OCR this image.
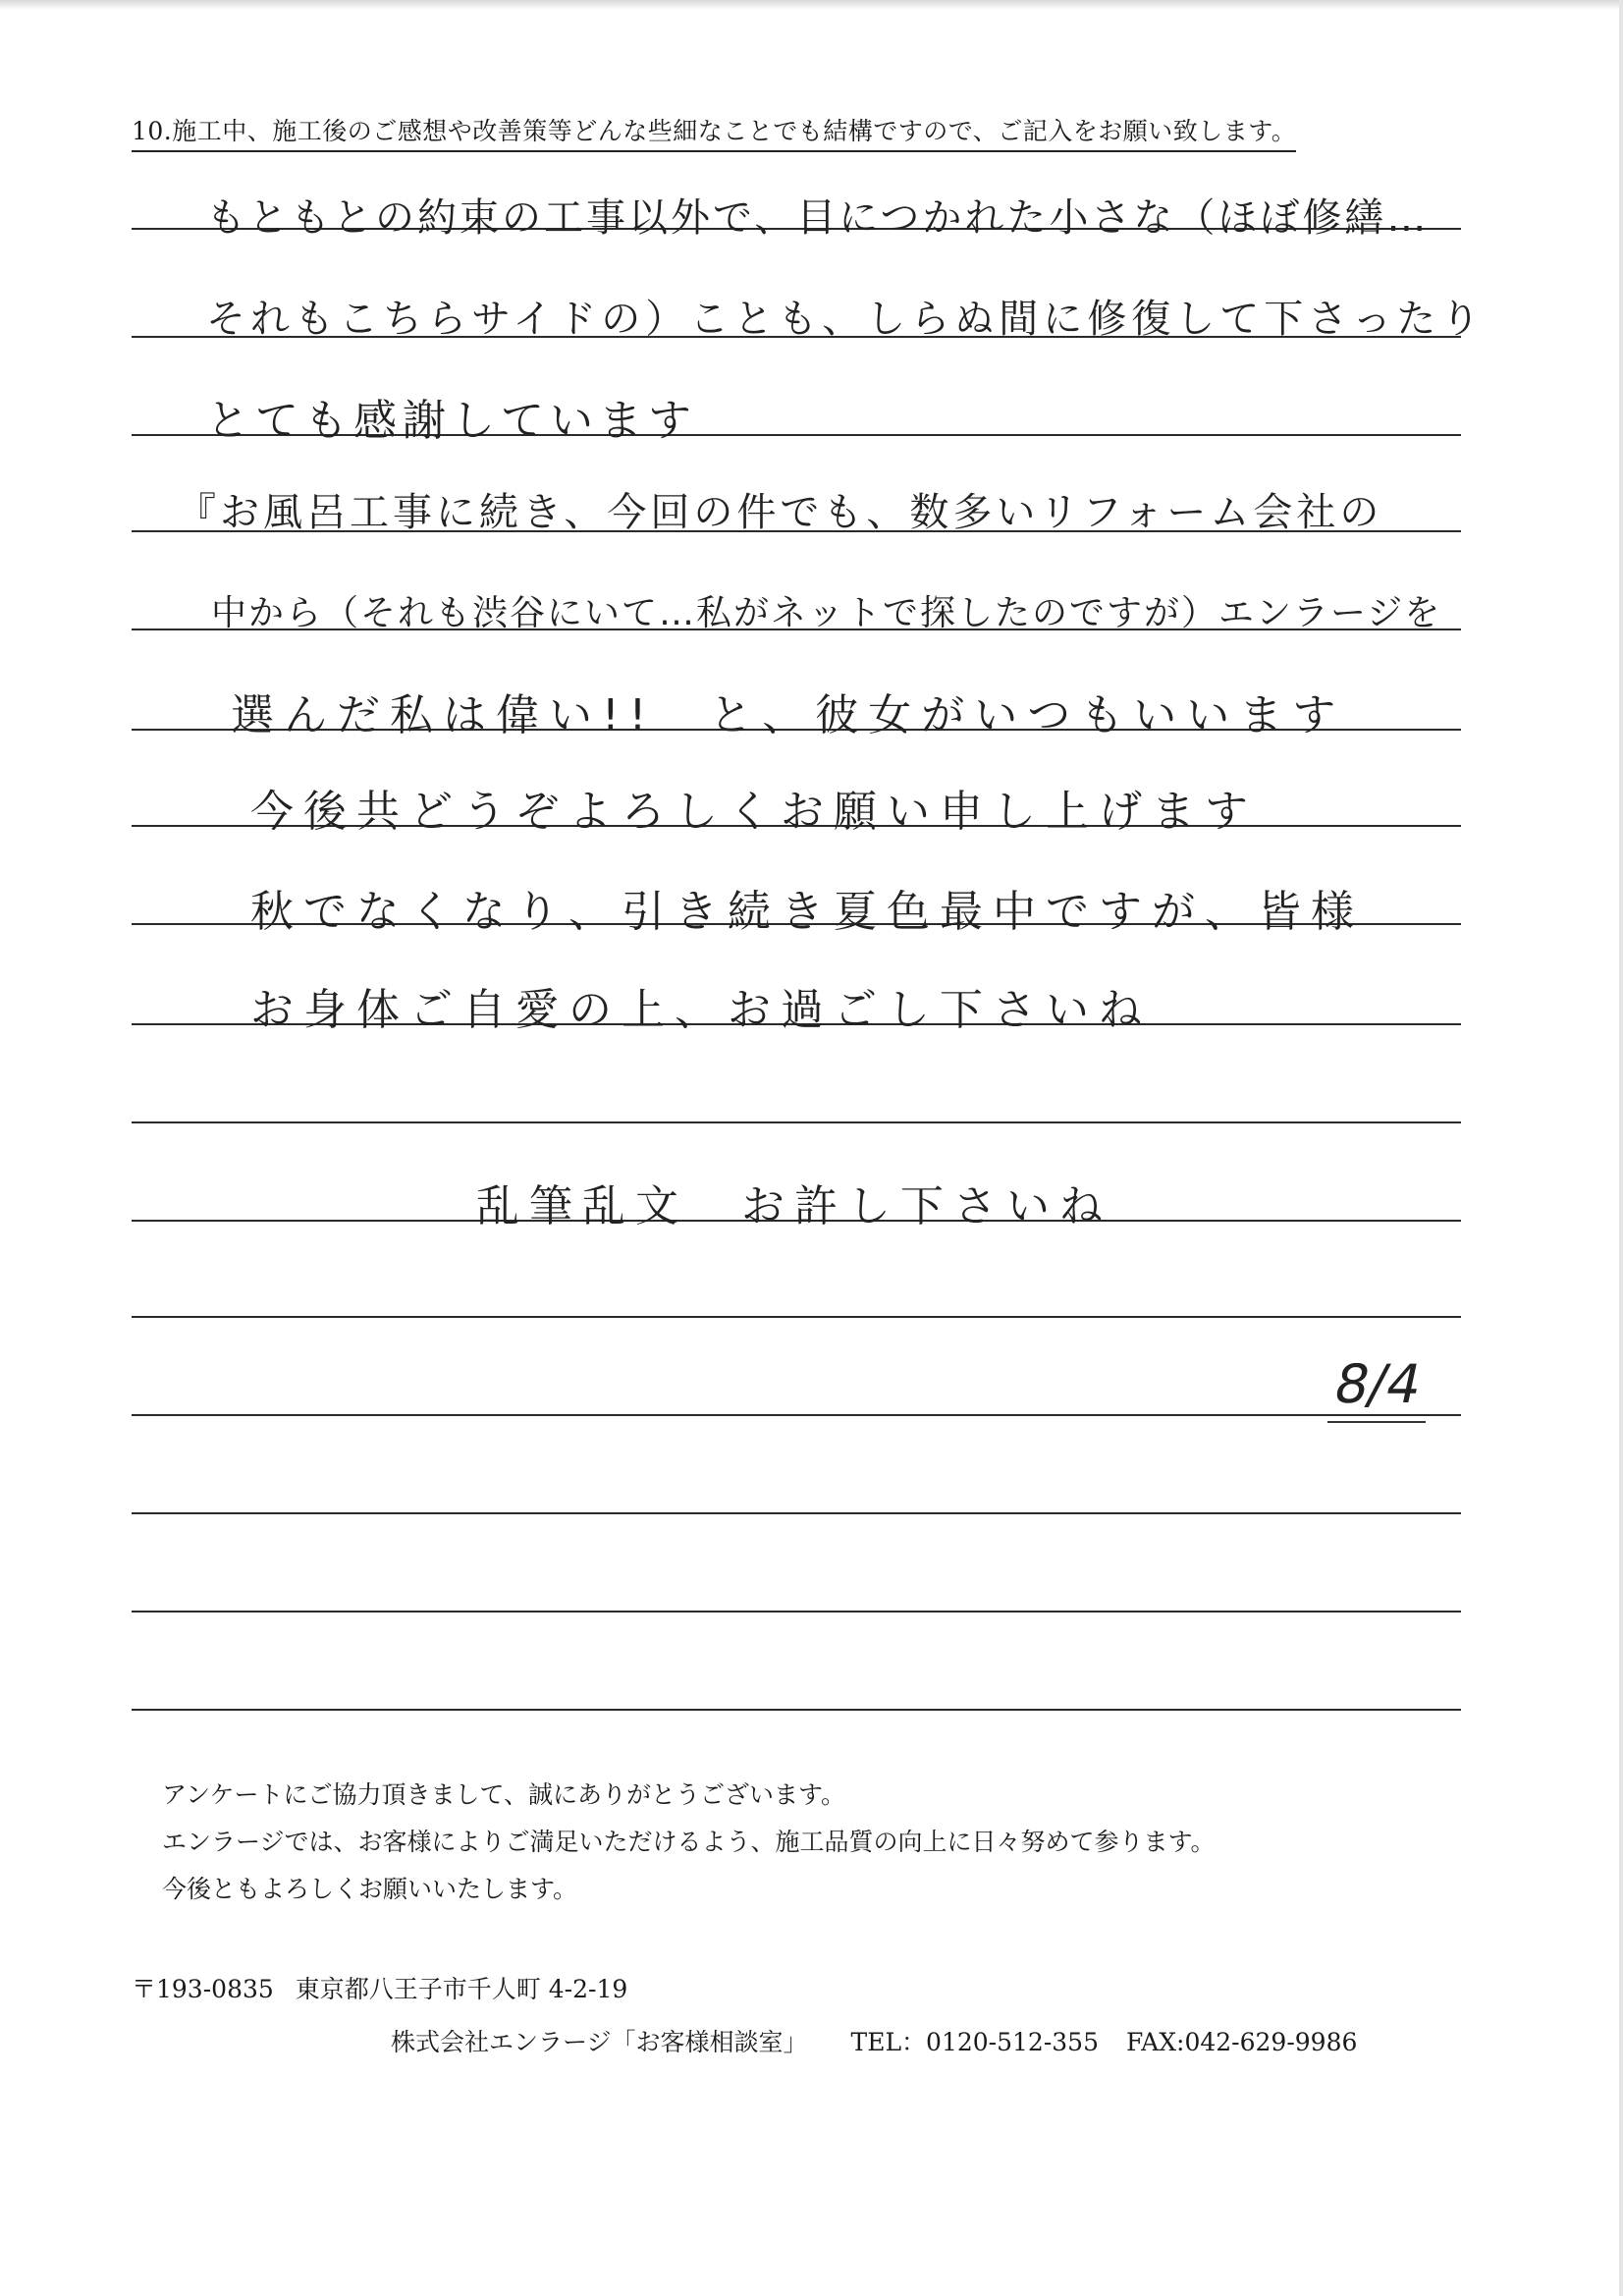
10.施工中、施工後のご感想や改善策等どんな些細なことでも結構ですので、ご記入をお願い致します。
もともとの約束の工事以外で、目につかれた小さな（ほぼ修繕…
それもこちらサイドの）ことも、しらぬ間に修復して下さったり
とても感謝しています
『お風呂工事に続き、今回の件でも、数多いリフォーム会社の
中から（それも渋谷にいて…私がネットで探したのですが）エンラージを
選んだ私は偉い!!　と、彼女がいつもいいます
今後共どうぞよろしくお願い申し上げます
秋でなくなり、引き続き夏色最中ですが、皆様
お身体ご自愛の上、お過ごし下さいね
乱筆乱文　お許し下さいね
8/4
アンケートにご協力頂きまして、誠にありがとうございます。
エンラージでは、お客様によりご満足いただけるよう、施工品質の向上に日々努めて参ります。
今後ともよろしくお願いいたします。
〒193-0835 東京都八王子市千人町 4-2-19
株式会社エンラージ「お客様相談室」 TEL：0120-512-355 FAX:042-629-9986
